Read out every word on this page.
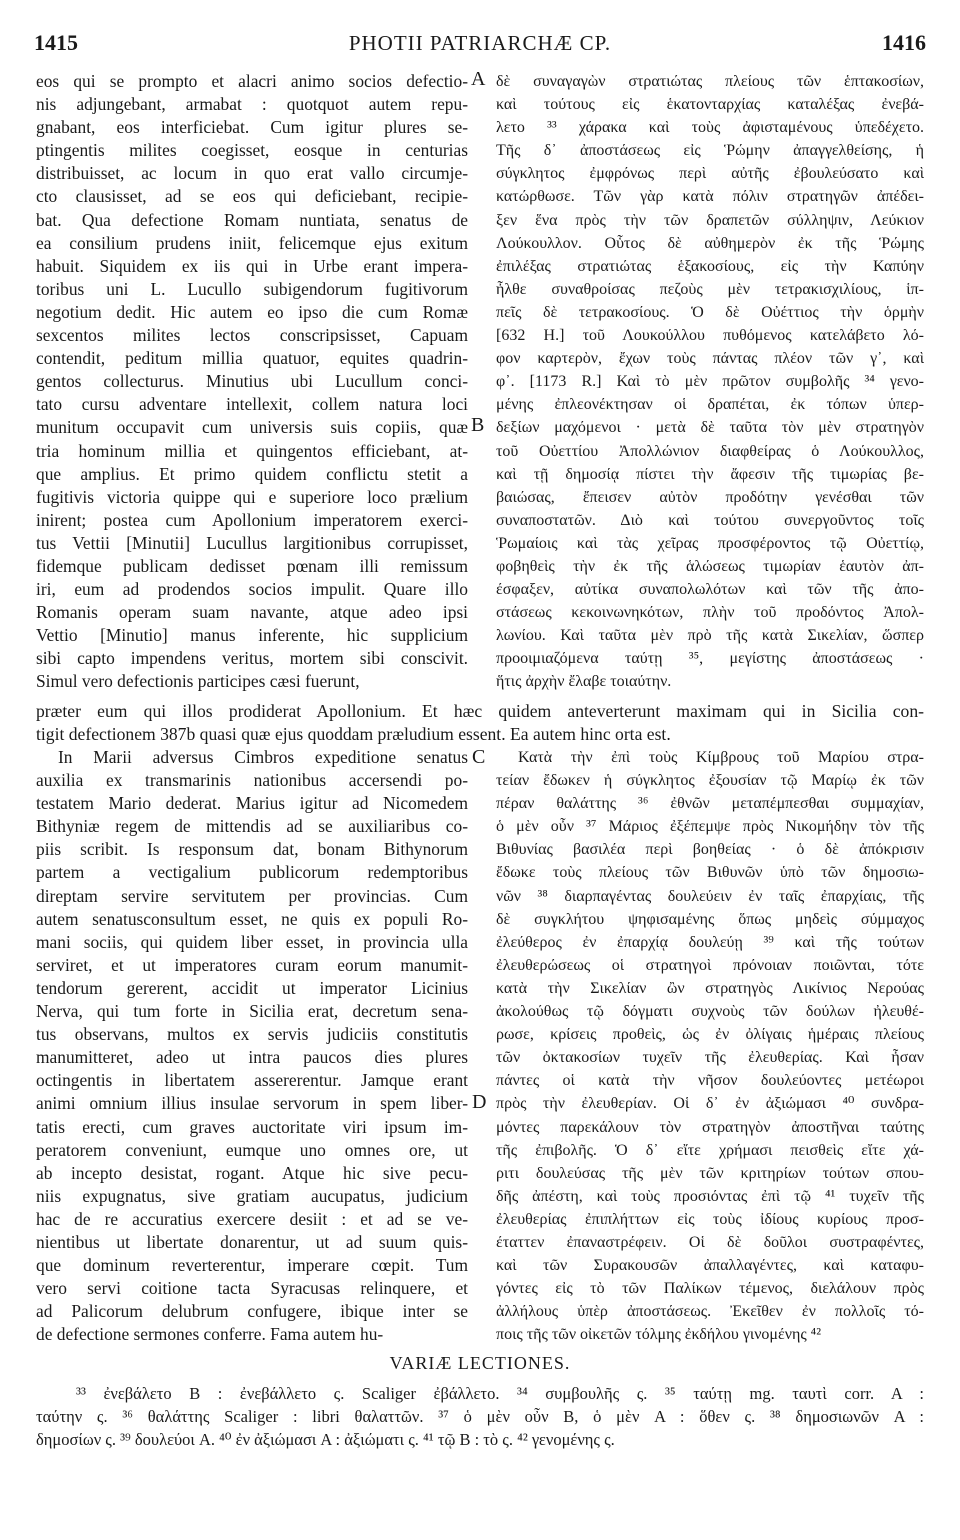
1415	PHOTII PATRIARCHÆ CP.	1416
eos qui se prompto et alacri animo socios defectio-
nis adjungebant, armabat : quotquot autem repu-
gnabant, eos interficiebat. Cum igitur plures se-
ptingentis milites coegisset, eosque in centurias
distribuisset, ac locum in quo erat vallo circumje-
cto clausisset, ad se eos qui deficiebant, recipie-
bat. Qua defectione Romam nuntiata, senatus de
ea consilium prudens iniit, felicemque ejus exitum
habuit. Siquidem ex iis qui in Urbe erant impera-
toribus uni L. Lucullo subigendorum fugitivorum
negotium dedit. Hic autem eo ipso die cum Romæ
sexcentos milites lectos conscripsisset, Capuam
contendit, peditum millia quatuor, equites quadrin-
gentos collecturus. Minutius ubi Lucullum conci-
tato cursu adventare intellexit, collem natura loci
munitum occupavit cum universis suis copiis, quæ
tria hominum millia et quingentos efficiebant, at-
que amplius. Et primo quidem conflictu stetit a
fugitivis victoria quippe qui e superiore loco prælium
inirent; postea cum Apollonium imperatorem exerci-
tus Vettii [Minutii] Lucullus largitionibus corrupisset,
fidemque publicam dedisset pœnam illi remissum
iri, eum ad prodendos socios impulit. Quare illo
Romanis operam suam navante, atque adeo ipsi
Vettio [Minutio] manus inferente, hic supplicium
sibi capto impendens veritus, mortem sibi conscivit.
Simul vero defectionis participes cæsi fuerunt,
δὲ συναγαγὼν στρατιώτας πλείους τῶν ἑπτακοσίων,
καὶ τούτους εἰς ἑκατονταρχίας καταλέξας ἐνεβά-
λετο ³³ χάρακα καὶ τοὺς ἀφισταμένους ὑπεδέχετο.
Τῆς δ᾽ ἀποστάσεως εἰς Ῥώμην ἀπαγγελθείσης, ἡ
σύγκλητος ἐμφρόνως περὶ αὐτῆς ἐβουλεύσατο καὶ
κατώρθωσε. Τῶν γὰρ κατὰ πόλιν στρατηγῶν ἀπέδει-
ξεν ἕνα πρὸς τὴν τῶν δραπετῶν σύλληψιν, Λεύκιον
Λούκουλλον. Οὗτος δὲ αὐθημερὸν ἐκ τῆς Ῥώμης
ἐπιλέξας στρατιώτας ἑξακοσίους, εἰς τὴν Καπύην
ἦλθε συναθροίσας πεζοὺς μὲν τετρακισχιλίους, ἱπ-
πεῖς δὲ τετρακοσίους. Ὁ δὲ Οὐέττιος τὴν ὁρμὴν
[632 H.] τοῦ Λουκούλλου πυθόμενος κατελάβετο λό-
φον καρτερὸν, ἔχων τοὺς πάντας πλέον τῶν γ᾽, καὶ
φ᾽. [1173 R.] Καὶ τὸ μὲν πρῶτον συμβολῆς ³⁴ γενο-
μένης ἐπλεονέκτησαν οἱ δραπέται, ἐκ τόπων ὑπερ-
δεξίων μαχόμενοι · μετὰ δὲ ταῦτα τὸν μὲν στρατηγὸν
τοῦ Οὐεττίου Ἀπολλώνιον διαφθείρας ὁ Λούκουλλος,
καὶ τῇ δημοσίᾳ πίστει τὴν ἄφεσιν τῆς τιμωρίας βε-
βαιώσας, ἔπεισεν αὐτὸν προδότην γενέσθαι τῶν
συναποστατῶν. Διὸ καὶ τούτου συνεργοῦντος τοῖς
Ῥωμαίοις καὶ τὰς χεῖρας προσφέροντος τῷ Οὐεττίῳ,
φοβηθεὶς τὴν ἐκ τῆς ἁλώσεως τιμωρίαν ἑαυτὸν ἀπ-
έσφαξεν, αὐτίκα συναπολωλότων καὶ τῶν τῆς ἀπο-
στάσεως κεκοινωνηκότων, πλὴν τοῦ προδόντος Ἀπολ-
λωνίου. Καὶ ταῦτα μὲν πρὸ τῆς κατὰ Σικελίαν, ὥσπερ
προοιμιαζόμενα ταύτῃ ³⁵, μεγίστης ἀποστάσεως ·
ἥτις ἀρχὴν ἔλαβε τοιαύτην.
A
B
C
D
præter eum qui illos prodiderat Apollonium. Et hæc quidem anteverterunt maximam qui in Sicilia con-
tigit defectionem 387b quasi quæ ejus quoddam præludium essent. Ea autem hinc orta est.
In Marii adversus Cimbros expeditione senatus
auxilia ex transmarinis nationibus accersendi po-
testatem Mario dederat. Marius igitur ad Nicomedem
Bithyniæ regem de mittendis ad se auxiliaribus co-
piis scribit. Is responsum dat, bonam Bithynorum
partem a vectigalium publicorum redemptoribus
direptam servire servitutem per provincias. Cum
autem senatusconsultum esset, ne quis ex populi Ro-
mani sociis, qui quidem liber esset, in provincia ulla
serviret, et ut imperatores curam eorum manumit-
tendorum gererent, accidit ut imperator Licinius
Nerva, qui tum forte in Sicilia erat, decretum sena-
tus observans, multos ex servis judiciis constitutis
manumitteret, adeo ut intra paucos dies plures
octingentis in libertatem assererentur. Jamque erant
animi omnium illius insulae servorum in spem liber-
tatis erecti, cum graves auctoritate viri ipsum im-
peratorem conveniunt, eumque uno omnes ore, ut
ab incepto desistat, rogant. Atque hic sive pecu-
niis expugnatus, sive gratiam aucupatus, judicium
hac de re accuratius exercere desiit : et ad se ve-
nientibus ut libertate donarentur, ut ad suum quis-
que dominum reverterentur, imperare cœpit. Tum
vero servi coitione tacta Syracusas relinquere, et
ad Palicorum delubrum confugere, ibique inter se
de defectione sermones conferre. Fama autem hu-
Κατὰ τὴν ἐπὶ τοὺς Κίμβρους τοῦ Μαρίου στρα-
τείαν ἔδωκεν ἡ σύγκλητος ἐξουσίαν τῷ Μαρίῳ ἐκ τῶν
πέραν θαλάττης ³⁶ ἐθνῶν μεταπέμπεσθαι συμμαχίαν,
ὁ μὲν οὖν ³⁷ Μάριος ἐξέπεμψε πρὸς Νικομήδην τὸν τῆς
Βιθυνίας βασιλέα περὶ βοηθείας · ὁ δὲ ἀπόκρισιν
ἔδωκε τοὺς πλείους τῶν Βιθυνῶν ὑπὸ τῶν δημοσιω-
νῶν ³⁸ διαρπαγέντας δουλεύειν ἐν ταῖς ἐπαρχίαις, τῆς
δὲ συγκλήτου ψηφισαμένης ὅπως μηδεὶς σύμμαχος
ἐλεύθερος ἐν ἐπαρχίᾳ δουλεύῃ ³⁹ καὶ τῆς τούτων
ἐλευθερώσεως οἱ στρατηγοὶ πρόνοιαν ποιῶνται, τότε
κατὰ τὴν Σικελίαν ὢν στρατηγὸς Λικίνιος Νερούας
ἀκολούθως τῷ δόγματι συχνοὺς τῶν δούλων ἠλευθέ-
ρωσε, κρίσεις προθεὶς, ὡς ἐν ὀλίγαις ἡμέραις πλείους
τῶν ὀκτακοσίων τυχεῖν τῆς ἐλευθερίας. Καὶ ἦσαν
πάντες οἱ κατὰ τὴν νῆσον δουλεύοντες μετέωροι
πρὸς τὴν ἐλευθερίαν. Οἱ δ᾽ ἐν ἀξιώμασι ⁴⁰ συνδρα-
μόντες παρεκάλουν τὸν στρατηγὸν ἀποστῆναι ταύτης
τῆς ἐπιβολῆς. Ὁ δ᾽ εἴτε χρήμασι πεισθεὶς εἴτε χά-
ριτι δουλεύσας τῆς μὲν τῶν κριτηρίων τούτων σπου-
δῆς ἀπέστη, καὶ τοὺς προσιόντας ἐπὶ τῷ ⁴¹ τυχεῖν τῆς
ἐλευθερίας ἐπιπλήττων εἰς τοὺς ἰδίους κυρίους προσ-
έταττεν ἐπαναστρέφειν. Οἱ δὲ δοῦλοι συστραφέντες,
καὶ τῶν Συρακουσῶν ἀπαλλαγέντες, καὶ καταφυ-
γόντες εἰς τὸ τῶν Παλίκων τέμενος, διελάλουν πρὸς
ἀλλήλους ὑπὲρ ἀποστάσεως. Ἐκεῖθεν ἐν πολλοῖς τό-
ποις τῆς τῶν οἰκετῶν τόλμης ἐκδήλου γινομένης ⁴²
VARIÆ LECTIONES.
³³ ἐνεβάλετο B : ἐνεβάλλετο ς. Scaliger ἐβάλλετο. ³⁴ συμβουλῆς ς. ³⁵ ταύτῃ mg. ταυτὶ corr. A :
ταύτην ς. ³⁶ θαλάττης Scaliger : libri θαλαττῶν. ³⁷ ὁ μὲν οὖν B, ὁ μὲν A : ὅθεν ς. ³⁸ δημοσιωνῶν A :
δημοσίων ς. ³⁹ δουλεύοι A. ⁴⁰ ἐν ἀξιώμασι A : ἀξιώματι ς. ⁴¹ τῷ B : τὸ ς. ⁴² γενομένης ς.
